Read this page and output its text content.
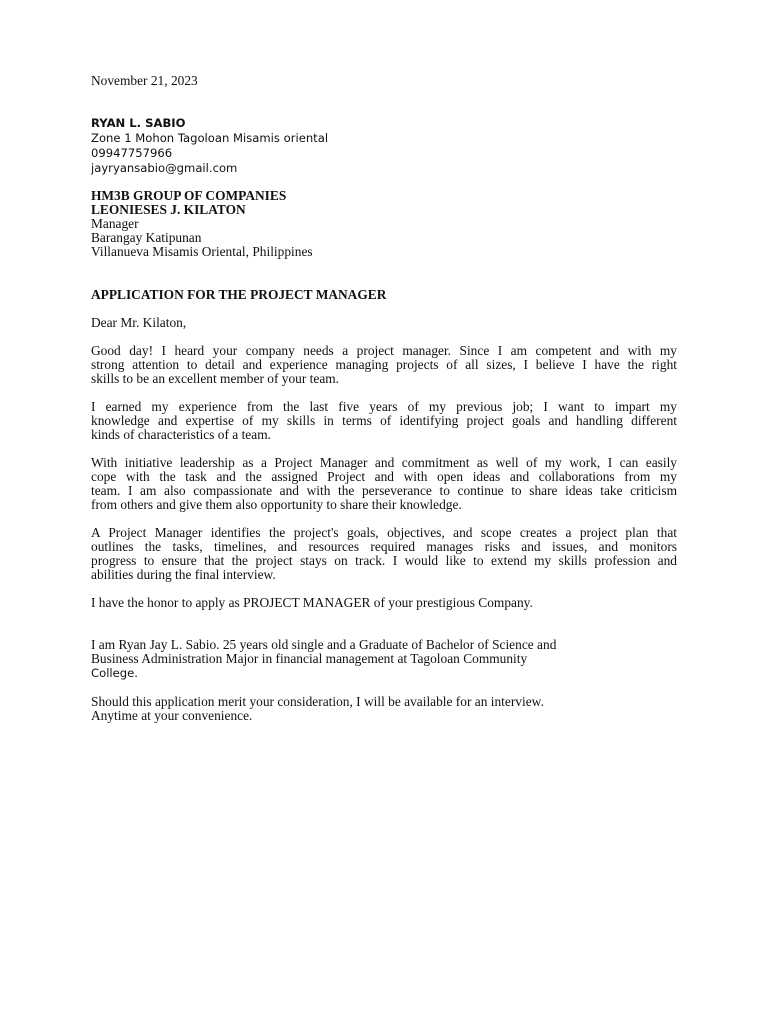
November 21, 2023
RYAN L. SABIO
Zone 1 Mohon Tagoloan Misamis oriental
09947757966
jayryansabio@gmail.com
HM3B GROUP OF COMPANIES
LEONIESES J. KILATON
Manager
Barangay Katipunan
Villanueva Misamis Oriental, Philippines
APPLICATION FOR THE PROJECT MANAGER
Dear Mr. Kilaton,
Good day! I heard your company needs a project manager. Since I am competent and with my
strong attention to detail and experience managing projects of all sizes, I believe I have the right
skills to be an excellent member of your team.
I earned my experience from the last five years of my previous job; I want to impart my
knowledge and expertise of my skills in terms of identifying project goals and handling different
kinds of characteristics of a team.
With initiative leadership as a Project Manager and commitment as well of my work, I can easily
cope with the task and the assigned Project and with open ideas and collaborations from my
team. I am also compassionate and with the perseverance to continue to share ideas take criticism
from others and give them also opportunity to share their knowledge.
A Project Manager identifies the project's goals, objectives, and scope creates a project plan that
outlines the tasks, timelines, and resources required manages risks and issues, and monitors
progress to ensure that the project stays on track. I would like to extend my skills profession and
abilities during the final interview.
I have the honor to apply as PROJECT MANAGER of your prestigious Company.
I am Ryan Jay L. Sabio. 25 years old single and a Graduate of Bachelor of Science and
Business Administration Major in financial management at Tagoloan Community
College.
Should this application merit your consideration, I will be available for an interview.
Anytime at your convenience.
